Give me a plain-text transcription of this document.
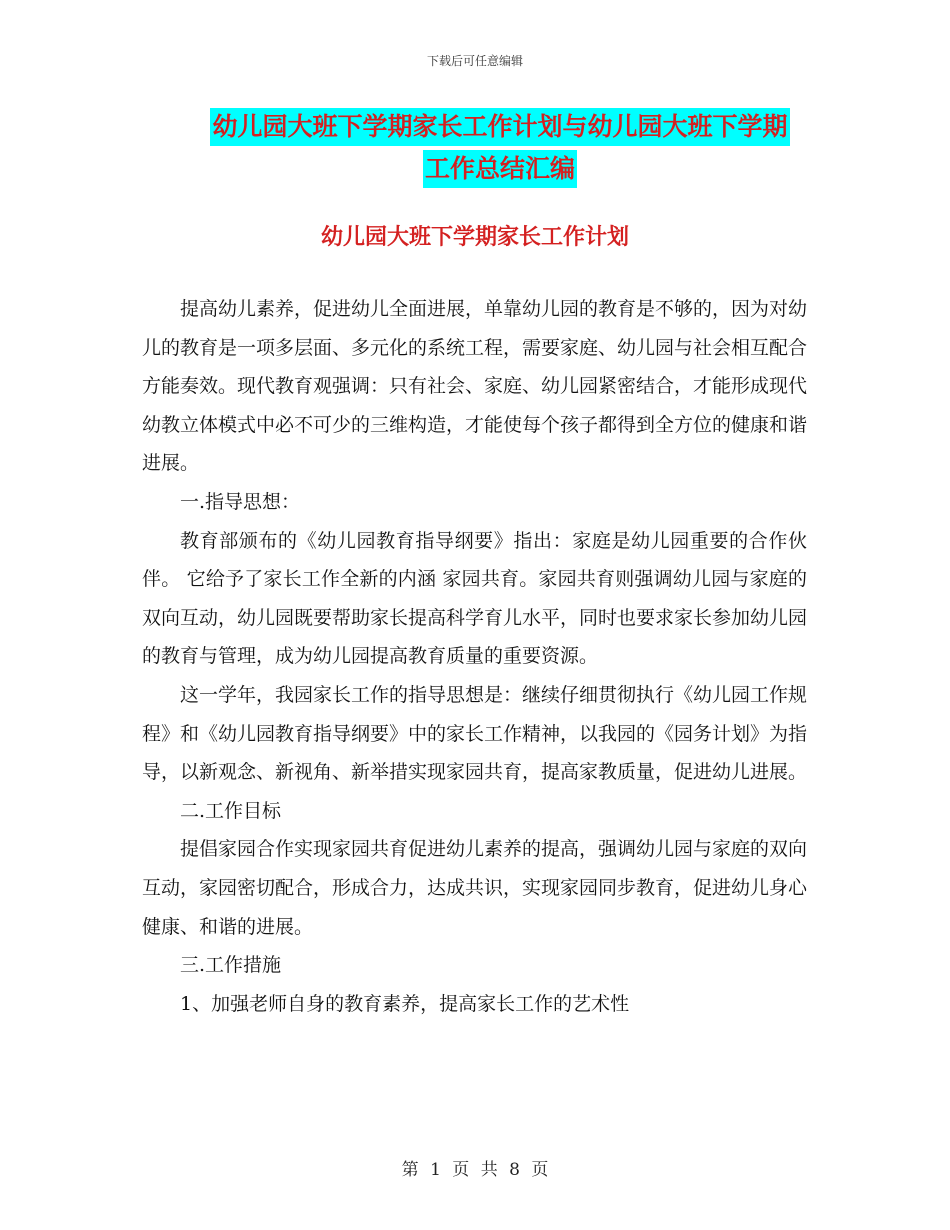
下载后可任意编辑
幼儿园大班下学期家长工作计划与幼儿园大班下学期
工作总结汇编
幼儿园大班下学期家长工作计划

提高幼儿素养，促进幼儿全面进展，单靠幼儿园的教育是不够的，因为对幼儿的教育是一项多层面、多元化的系统工程，需要家庭、幼儿园与社会相互配合方能奏效。现代教育观强调：只有社会、家庭、幼儿园紧密结合，才能形成现代幼教立体模式中必不可少的三维构造，才能使每个孩子都得到全方位的健康和谐进展。

一.指导思想：

教育部颁布的《幼儿园教育指导纲要》指出：家庭是幼儿园重要的合作伙伴。 它给予了家长工作全新的内涵 家园共育。家园共育则强调幼儿园与家庭的双向互动，幼儿园既要帮助家长提高科学育儿水平，同时也要求家长参加幼儿园的教育与管理，成为幼儿园提高教育质量的重要资源。

这一学年，我园家长工作的指导思想是：继续仔细贯彻执行《幼儿园工作规程》和《幼儿园教育指导纲要》中的家长工作精神，以我园的《园务计划》为指导，以新观念、新视角、新举措实现家园共育，提高家教质量，促进幼儿进展。

二.工作目标

提倡家园合作实现家园共育促进幼儿素养的提高，强调幼儿园与家庭的双向互动，家园密切配合，形成合力，达成共识，实现家园同步教育，促进幼儿身心健康、和谐的进展。

三.工作措施

1、加强老师自身的教育素养，提高家长工作的艺术性

第 1 页 共 8 页
